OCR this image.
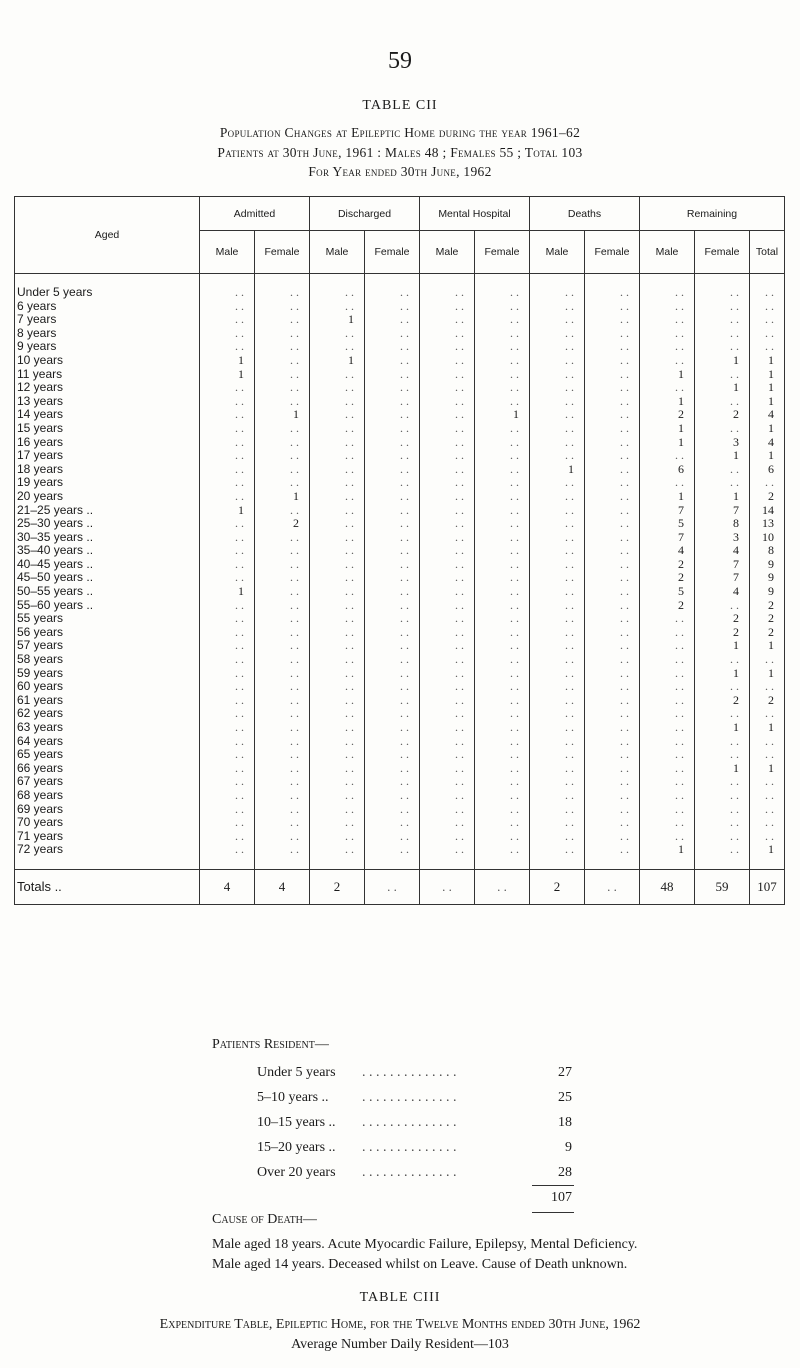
59
TABLE CII
Population Changes at Epileptic Home during the year 1961–62
Patients at 30th June, 1961 : Males 48 ; Females 55 ; Total 103
For Year ended 30th June, 1962
Aged	Admitted		Discharged		Mental Hospital		Deaths		Remaining		
	Male	Female	Male	Female	Male	Female	Male	Female	Male	Female	Total

Under 5 years	. .	. .	. .	. .	. .	. .	. .	. .	. .	. .	. .
6 years	. .	. .	. .	. .	. .	. .	. .	. .	. .	. .	. .
7 years	. .	. .	1	. .	. .	. .	. .	. .	. .	. .	. .
8 years	. .	. .	. .	. .	. .	. .	. .	. .	. .	. .	. .
9 years	. .	. .	. .	. .	. .	. .	. .	. .	. .	. .	. .
10 years	1	. .	1	. .	. .	. .	. .	. .	. .	1	1
11 years	1	. .	. .	. .	. .	. .	. .	. .	1	. .	1
12 years	. .	. .	. .	. .	. .	. .	. .	. .	. .	1	1
13 years	. .	. .	. .	. .	. .	. .	. .	. .	1	. .	1
14 years	. .	1	. .	. .	. .	1	. .	. .	2	2	4
15 years	. .	. .	. .	. .	. .	. .	. .	. .	1	. .	1
16 years	. .	. .	. .	. .	. .	. .	. .	. .	1	3	4
17 years	. .	. .	. .	. .	. .	. .	. .	. .	. .	1	1
18 years	. .	. .	. .	. .	. .	. .	1	. .	6	. .	6
19 years	. .	. .	. .	. .	. .	. .	. .	. .	. .	. .	. .
20 years	. .	1	. .	. .	. .	. .	. .	. .	1	1	2
21–25 years ..	1	. .	. .	. .	. .	. .	. .	. .	7	7	14
25–30 years ..	. .	2	. .	. .	. .	. .	. .	. .	5	8	13
30–35 years ..	. .	. .	. .	. .	. .	. .	. .	. .	7	3	10
35–40 years ..	. .	. .	. .	. .	. .	. .	. .	. .	4	4	8
40–45 years ..	. .	. .	. .	. .	. .	. .	. .	. .	2	7	9
45–50 years ..	. .	. .	. .	. .	. .	. .	. .	. .	2	7	9
50–55 years ..	1	. .	. .	. .	. .	. .	. .	. .	5	4	9
55–60 years ..	. .	. .	. .	. .	. .	. .	. .	. .	2	. .	2
55 years	. .	. .	. .	. .	. .	. .	. .	. .	. .	2	2
56 years	. .	. .	. .	. .	. .	. .	. .	. .	. .	2	2
57 years	. .	. .	. .	. .	. .	. .	. .	. .	. .	1	1
58 years	. .	. .	. .	. .	. .	. .	. .	. .	. .	. .	. .
59 years	. .	. .	. .	. .	. .	. .	. .	. .	. .	1	1
60 years	. .	. .	. .	. .	. .	. .	. .	. .	. .	. .	. .
61 years	. .	. .	. .	. .	. .	. .	. .	. .	. .	2	2
62 years	. .	. .	. .	. .	. .	. .	. .	. .	. .	. .	. .
63 years	. .	. .	. .	. .	. .	. .	. .	. .	. .	1	1
64 years	. .	. .	. .	. .	. .	. .	. .	. .	. .	. .	. .
65 years	. .	. .	. .	. .	. .	. .	. .	. .	. .	. .	. .
66 years	. .	. .	. .	. .	. .	. .	. .	. .	. .	1	1
67 years	. .	. .	. .	. .	. .	. .	. .	. .	. .	. .	. .
68 years	. .	. .	. .	. .	. .	. .	. .	. .	. .	. .	. .
69 years	. .	. .	. .	. .	. .	. .	. .	. .	. .	. .	. .
70 years	. .	. .	. .	. .	. .	. .	. .	. .	. .	. .	. .
71 years	. .	. .	. .	. .	. .	. .	. .	. .	. .	. .	. .
72 years	. .	. .	. .	. .	. .	. .	. .	. .	1	. .	1

Totals ..	4	4	2	. .	. .	. .	2	. .	48	59	107
Patients Resident—
Under 5 years . . . . . . . . . . . . . .	27
5–10 years .. . . . . . . . . . . . . . .	25
10–15 years .. . . . . . . . . . . . . . .	18
15–20 years .. . . . . . . . . . . . . . .	9
Over 20 years . . . . . . . . . . . . . .	28
107
Cause of Death—
Male aged 18 years. Acute Myocardic Failure, Epilepsy, Mental Deficiency.
Male aged 14 years. Deceased whilst on Leave. Cause of Death unknown.
TABLE CIII
Expenditure Table, Epileptic Home, for the Twelve Months ended 30th June, 1962
Average Number Daily Resident—103
